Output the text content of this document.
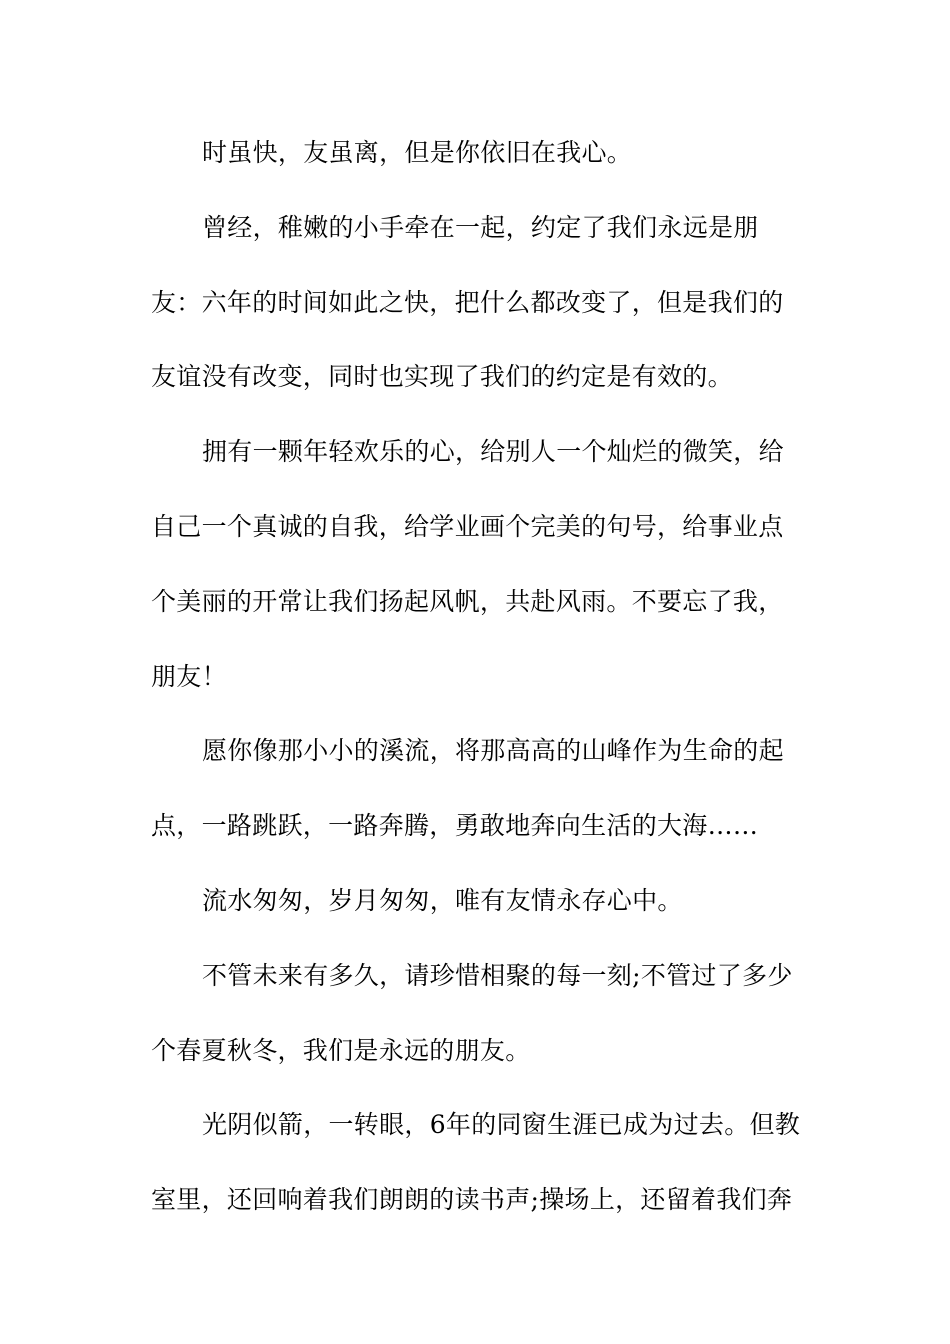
时虽快，友虽离，但是你依旧在我心。
曾经，稚嫩的小手牵在一起，约定了我们永远是朋
友：六年的时间如此之快，把什么都改变了，但是我们的
友谊没有改变，同时也实现了我们的约定是有效的。
拥有一颗年轻欢乐的心，给别人一个灿烂的微笑，给
自己一个真诚的自我，给学业画个完美的句号，给事业点
个美丽的开常让我们扬起风帆，共赴风雨。不要忘了我，
朋友！
愿你像那小小的溪流，将那高高的山峰作为生命的起
点，一路跳跃，一路奔腾，勇敢地奔向生活的大海……
流水匆匆，岁月匆匆，唯有友情永存心中。
不管未来有多久，请珍惜相聚的每一刻;不管过了多少
个春夏秋冬，我们是永远的朋友。
光阴似箭，一转眼，6年的同窗生涯已成为过去。但教
室里，还回响着我们朗朗的读书声;操场上，还留着我们奔
